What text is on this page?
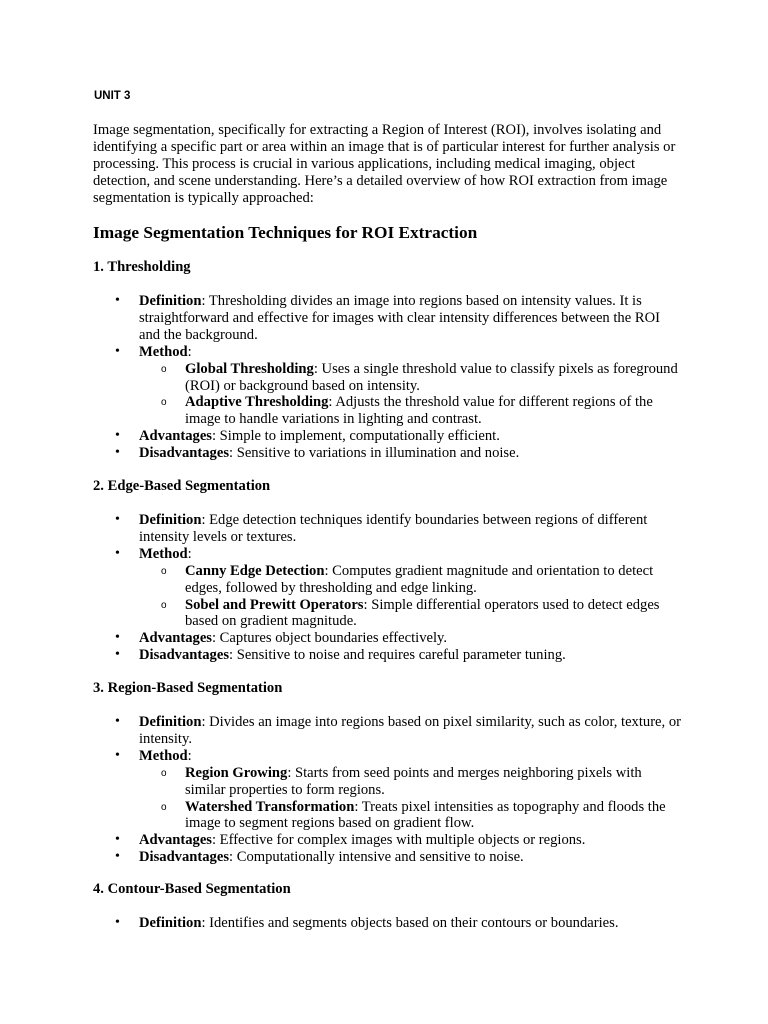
UNIT 3

Image segmentation, specifically for extracting a Region of Interest (ROI), involves isolating and identifying a specific part or area within an image that is of particular interest for further analysis or processing. This process is crucial in various applications, including medical imaging, object detection, and scene understanding. Here’s a detailed overview of how ROI extraction from image segmentation is typically approached:

Image Segmentation Techniques for ROI Extraction
1. Thresholding
• Definition: Thresholding divides an image into regions based on intensity values. It is straightforward and effective for images with clear intensity differences between the ROI and the background.
• Method:
o Global Thresholding: Uses a single threshold value to classify pixels as foreground (ROI) or background based on intensity.
o Adaptive Thresholding: Adjusts the threshold value for different regions of the image to handle variations in lighting and contrast.
• Advantages: Simple to implement, computationally efficient.
• Disadvantages: Sensitive to variations in illumination and noise.
2. Edge-Based Segmentation
• Definition: Edge detection techniques identify boundaries between regions of different intensity levels or textures.
• Method:
o Canny Edge Detection: Computes gradient magnitude and orientation to detect edges, followed by thresholding and edge linking.
o Sobel and Prewitt Operators: Simple differential operators used to detect edges based on gradient magnitude.
• Advantages: Captures object boundaries effectively.
• Disadvantages: Sensitive to noise and requires careful parameter tuning.
3. Region-Based Segmentation
• Definition: Divides an image into regions based on pixel similarity, such as color, texture, or intensity.
• Method:
o Region Growing: Starts from seed points and merges neighboring pixels with similar properties to form regions.
o Watershed Transformation: Treats pixel intensities as topography and floods the image to segment regions based on gradient flow.
• Advantages: Effective for complex images with multiple objects or regions.
• Disadvantages: Computationally intensive and sensitive to noise.
4. Contour-Based Segmentation
• Definition: Identifies and segments objects based on their contours or boundaries.
